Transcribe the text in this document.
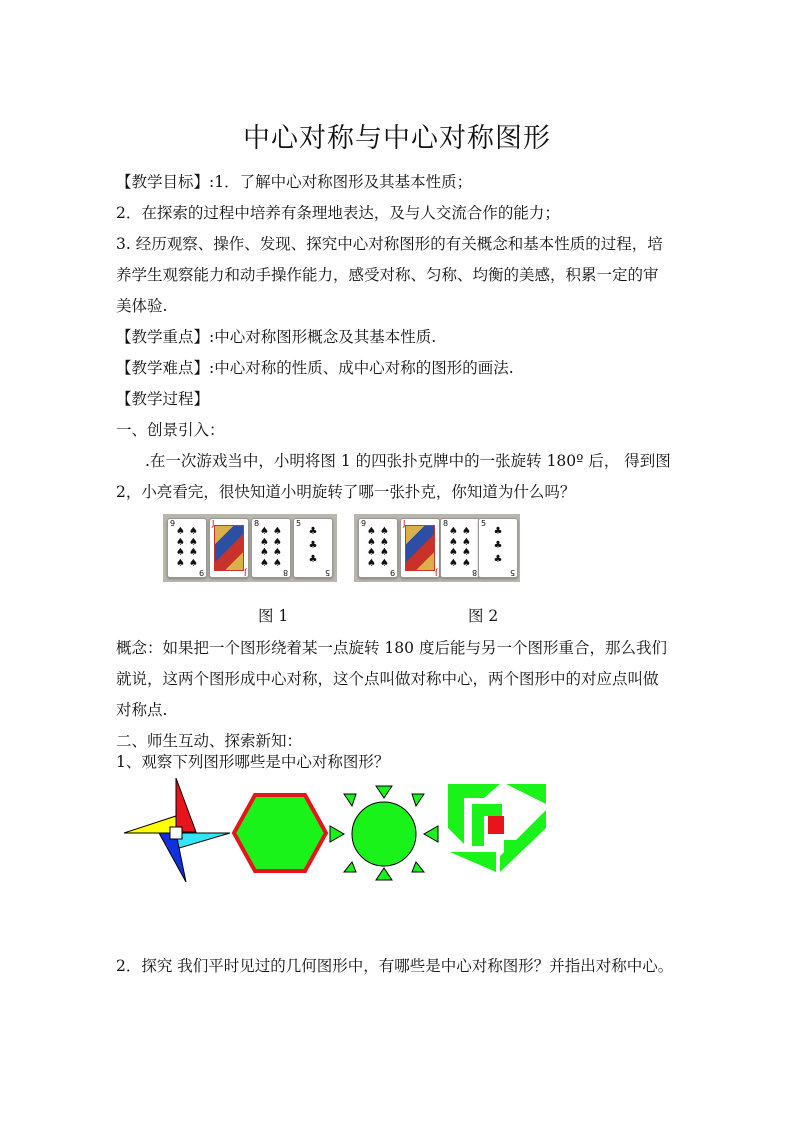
中心对称与中心对称图形
【教学目标】:1．了解中心对称图形及其基本性质；
2．在探索的过程中培养有条理地表达，及与人交流合作的能力；
3. 经历观察、操作、发现、探究中心对称图形的有关概念和基本性质的过程，培
养学生观察能力和动手操作能力，感受对称、匀称、均衡的美感，积累一定的审
美体验.
【教学重点】:中心对称图形概念及其基本性质.
【教学难点】:中心对称的性质、成中心对称的图形的画法.
【教学过程】
一、创景引入：
.在一次游戏当中，小明将图 1 的四张扑克牌中的一张旋转 180º 后， 得到图
2，小亮看完，很快知道小明旋转了哪一张扑克，你知道为什么吗？
9
♠ ♠
♠ ♠
♠ ♠
♠ ♠
9
J
J
8
♠ ♠
♠ ♠
♠ ♠
♠ ♠
8
5
♣
♣
♣
5
9
♠ ♠
♠ ♠
♠ ♠
♠ ♠
9
J
J
8
♠ ♠
♠ ♠
♠ ♠
♠ ♠
8
5
♣
♣
♣
5
图 1	图 2
概念：如果把一个图形绕着某一点旋转 180 度后能与另一个图形重合，那么我们
就说，这两个图形成中心对称，这个点叫做对称中心，两个图形中的对应点叫做
对称点.
二、师生互动、探索新知：
1、观察下列图形哪些是中心对称图形？
2．探究 我们平时见过的几何图形中，有哪些是中心对称图形？并指出对称中心。
